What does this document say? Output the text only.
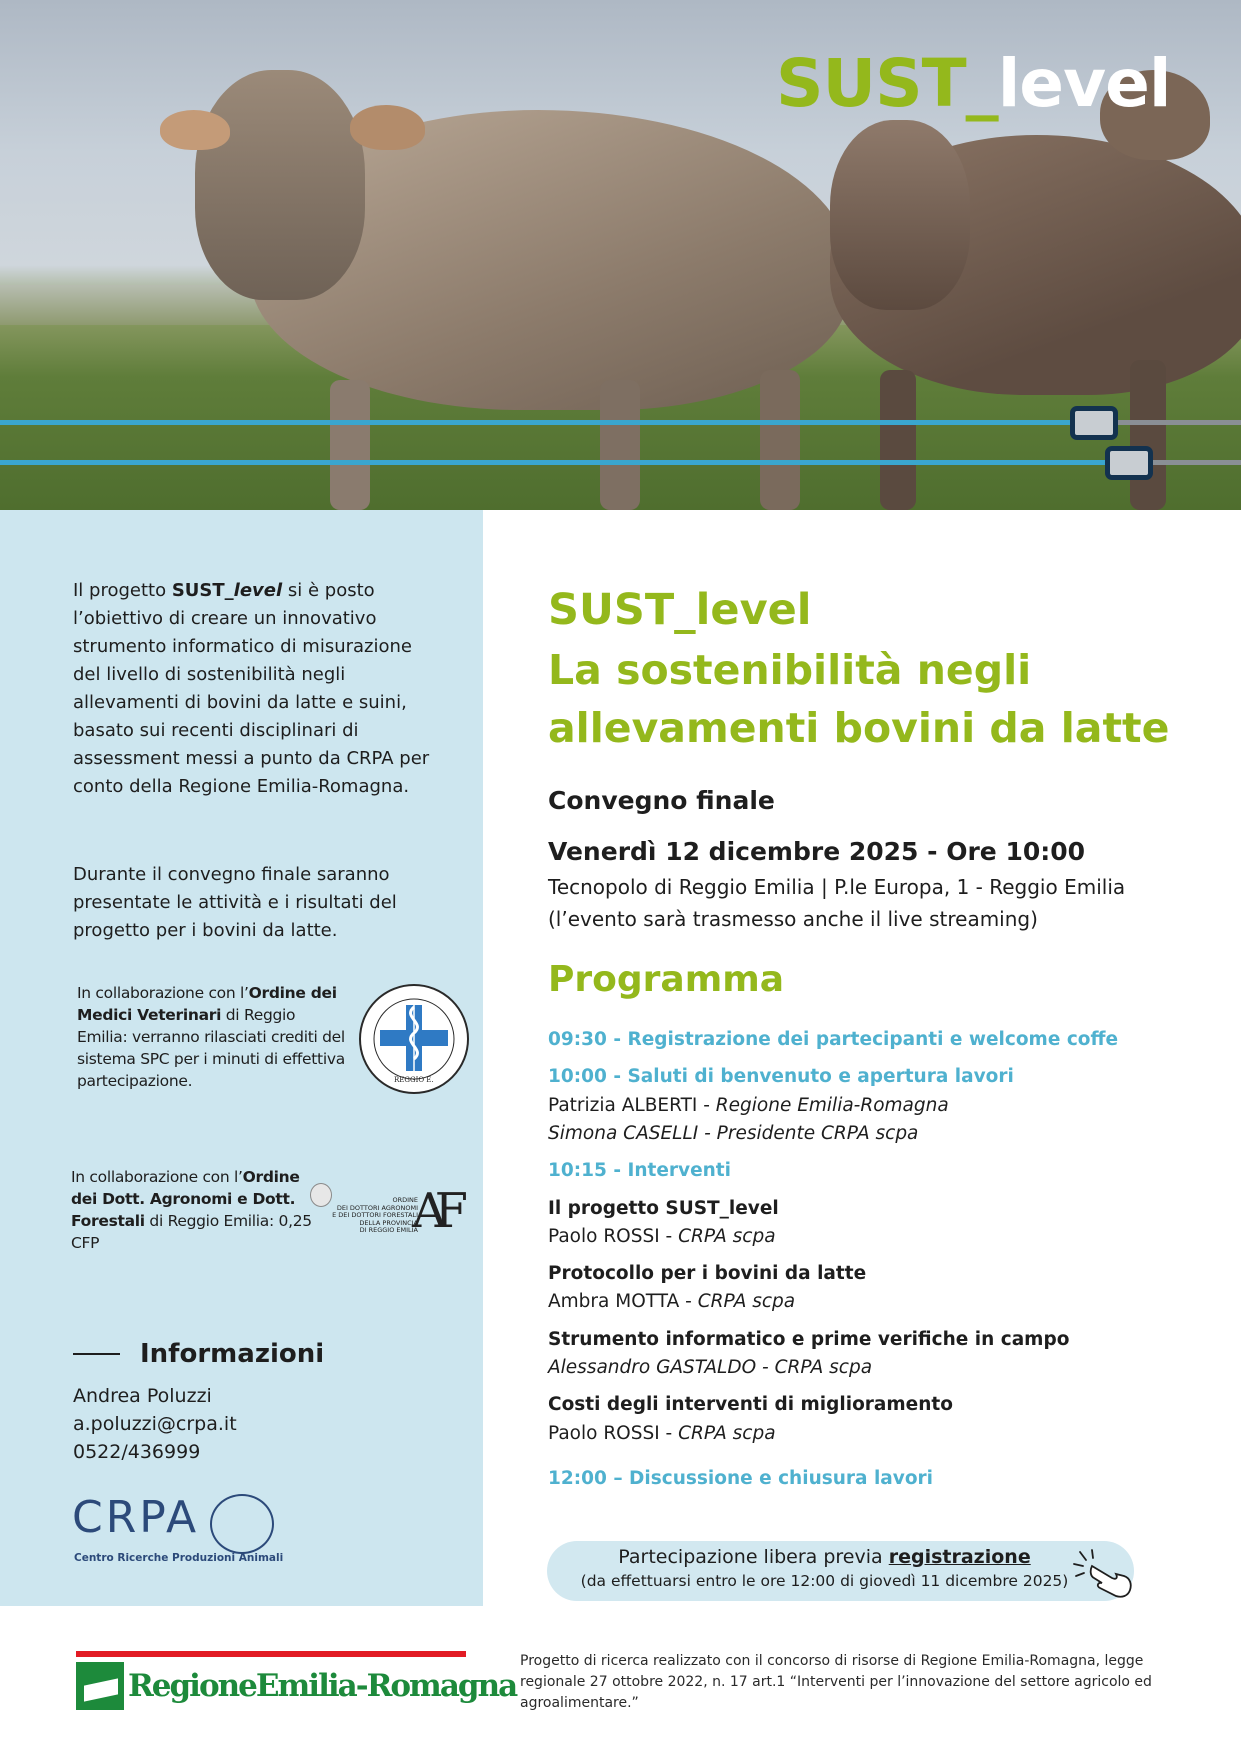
SUST_level
Il progetto SUST_level si è posto l’obiettivo di creare un innovativo strumento informatico di misurazione del livello di sostenibilità negli allevamenti di bovini da latte e suini, basato sui recenti disciplinari di assessment messi a punto da CRPA per conto della Regione Emilia-Romagna.
Durante il convegno finale saranno presentate le attività e i risultati del progetto per i bovini da latte.
In collaborazione con l’Ordine dei Medici Veterinari di Reggio Emilia: verranno rilasciati crediti del sistema SPC per i minuti di effettiva partecipazione.	REGGIO E.
In collaborazione con l’Ordine dei Dott. Agronomi e Dott. Forestali di Reggio Emilia: 0,25 CFP
ORDINE
DEI DOTTORI AGRONOMI
E DEI DOTTORI FORESTALI
DELLA PROVINCIA
DI REGGIO EMILIA
AF
Informazioni
Andrea Poluzzi
a.poluzzi@crpa.it
0522/436999
CRPA
Centro Ricerche Produzioni Animali
SUST_level
La sostenibilità negli
allevamenti bovini da latte
Convegno finale
Venerdì 12 dicembre 2025 - Ore 10:00
Tecnopolo di Reggio Emilia | P.le Europa, 1 - Reggio Emilia
(l’evento sarà trasmesso anche il live streaming)
Programma
09:30 - Registrazione dei partecipanti e welcome coffe
10:00 - Saluti di benvenuto e apertura lavori
Patrizia ALBERTI - Regione Emilia-Romagna
Simona CASELLI - Presidente CRPA scpa
10:15 - Interventi
Il progetto SUST_level
Paolo ROSSI - CRPA scpa
Protocollo per i bovini da latte
Ambra MOTTA - CRPA scpa
Strumento informatico e prime verifiche in campo
Alessandro GASTALDO - CRPA scpa
Costi degli interventi di miglioramento
Paolo ROSSI - CRPA scpa
12:00 – Discussione e chiusura lavori
Partecipazione libera previa registrazione
(da effettuarsi entro le ore 12:00 di giovedì 11 dicembre 2025)
RegioneEmilia-Romagna
Progetto di ricerca realizzato con il concorso di risorse di Regione Emilia-Romagna, legge regionale 27 ottobre 2022, n. 17 art.1 “Interventi per l’innovazione del settore agricolo ed agroalimentare.”
